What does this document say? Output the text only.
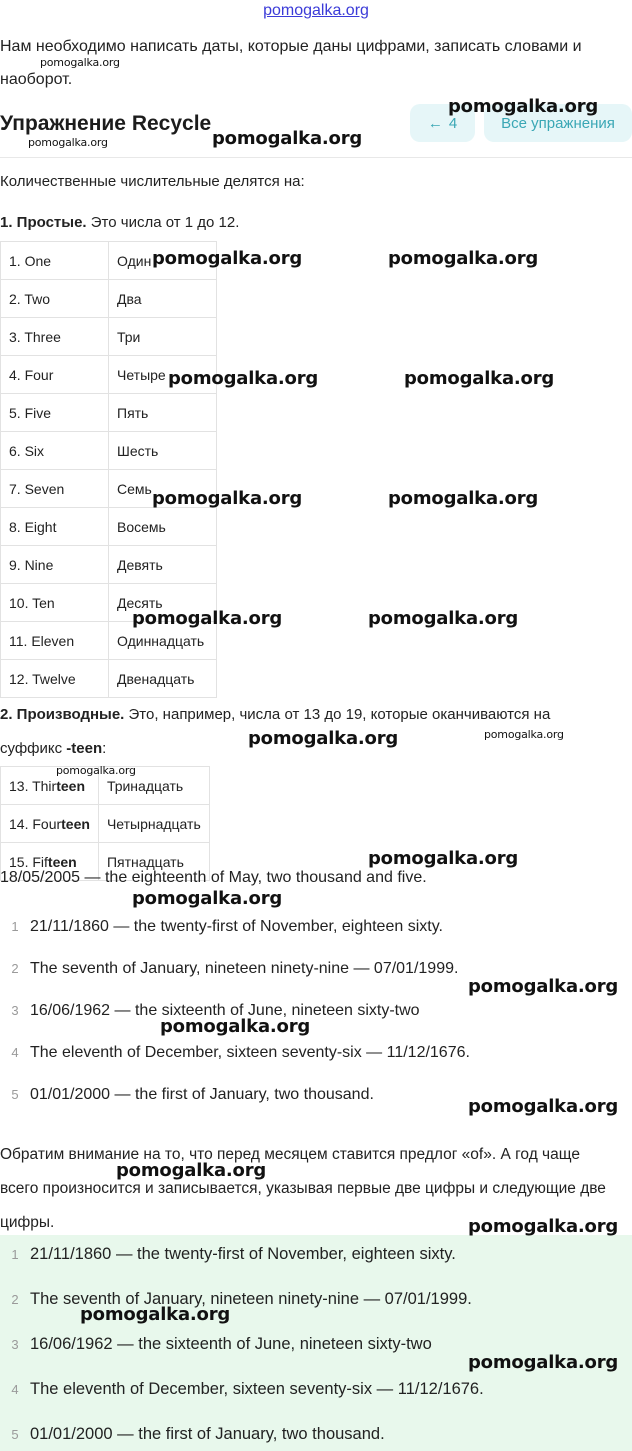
pomogalka.org
Нам необходимо написать даты, которые даны цифрами, записать словами и наоборот.
Упражнение Recycle	← 4	Все упражнения
Количественные числительные делятся на:
1. Простые. Это числа от 1 до 12.
1. One	Один
2. Two	Два
3. Three	Три
4. Four	Четыре
5. Five	Пять
6. Six	Шесть
7. Seven	Семь
8. Eight	Восемь
9. Nine	Девять
10. Ten	Десять
11. Eleven	Одиннадцать
12. Twelve	Двенадцать
2. Производные. Это, например, числа от 13 до 19, которые оканчиваются на
суффикс -teen:
13. Thirteen	Тринадцать
14. Fourteen	Четырнадцать
15. Fifteen	Пятнадцать
18/05/2005 — the eighteenth of May, two thousand and five.
1 21/11/1860 — the twenty-first of November, eighteen sixty.
2 The seventh of January, nineteen ninety-nine — 07/01/1999.
3 16/06/1962 — the sixteenth of June, nineteen sixty-two
4 The eleventh of December, sixteen seventy-six — 11/12/1676.
5 01/01/2000 — the first of January, two thousand.
Обратим внимание на то, что перед месяцем ставится предлог «of». А год чаще всего произносится и записывается, указывая первые две цифры и следующие две цифры.
1 21/11/1860 — the twenty-first of November, eighteen sixty.
2 The seventh of January, nineteen ninety-nine — 07/01/1999.
3 16/06/1962 — the sixteenth of June, nineteen sixty-two
4 The eleventh of December, sixteen seventy-six — 11/12/1676.
5 01/01/2000 — the first of January, two thousand.
pomogalka.org
pomogalka.org
pomogalka.org	pomogalka.org
pomogalka.org	pomogalka.org
pomogalka.org	pomogalka.org
pomogalka.org	pomogalka.org
pomogalka.org	pomogalka.org
pomogalka.org	pomogalka.org
pomogalka.org
pomogalka.org
pomogalka.org
pomogalka.org
pomogalka.org
pomogalka.org
pomogalka.org
pomogalka.org
pomogalka.org
pomogalka.org
